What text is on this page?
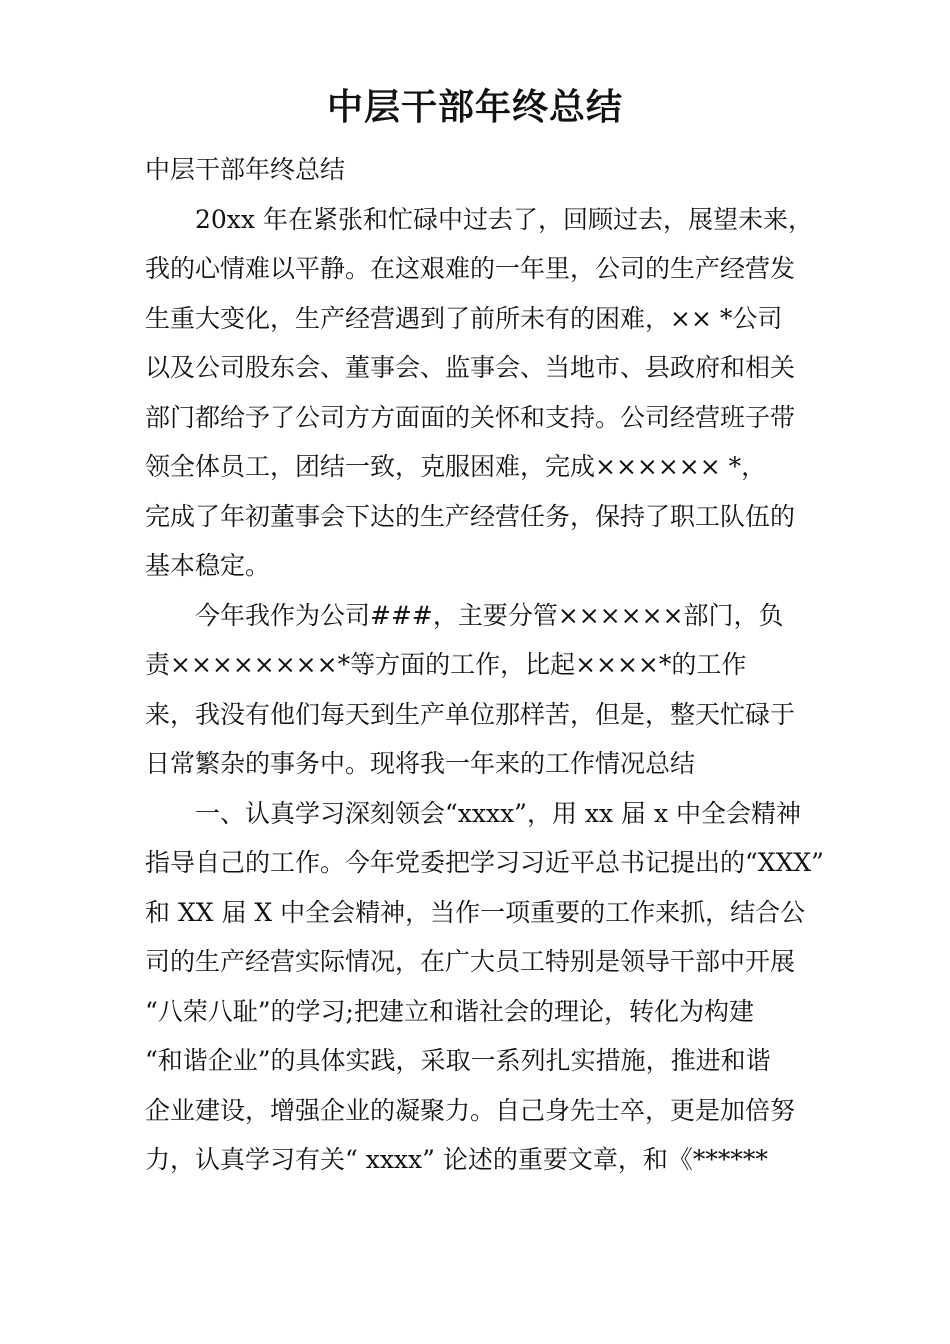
中层干部年终总结
中层干部年终总结
20xx 年在紧张和忙碌中过去了，回顾过去，展望未来，
我的心情难以平静。在这艰难的一年里，公司的生产经营发
生重大变化，生产经营遇到了前所未有的困难，×× *公司
以及公司股东会、董事会、监事会、当地市、县政府和相关
部门都给予了公司方方面面的关怀和支持。公司经营班子带
领全体员工，团结一致，克服困难，完成×××××× *，
完成了年初董事会下达的生产经营任务，保持了职工队伍的
基本稳定。
今年我作为公司###，主要分管××××××部门，负
责××××××××*等方面的工作，比起××××*的工作
来，我没有他们每天到生产单位那样苦，但是，整天忙碌于
日常繁杂的事务中。现将我一年来的工作情况总结
一、认真学习深刻领会“xxxx”，用 xx 届 x 中全会精神
指导自己的工作。今年党委把学习习近平总书记提出的“XXX”
和 XX 届 X 中全会精神，当作一项重要的工作来抓，结合公
司的生产经营实际情况，在广大员工特别是领导干部中开展
“八荣八耻”的学习;把建立和谐社会的理论，转化为构建
“和谐企业”的具体实践，采取一系列扎实措施，推进和谐
企业建设，增强企业的凝聚力。自己身先士卒，更是加倍努
力，认真学习有关“ xxxx” 论述的重要文章，和《******
